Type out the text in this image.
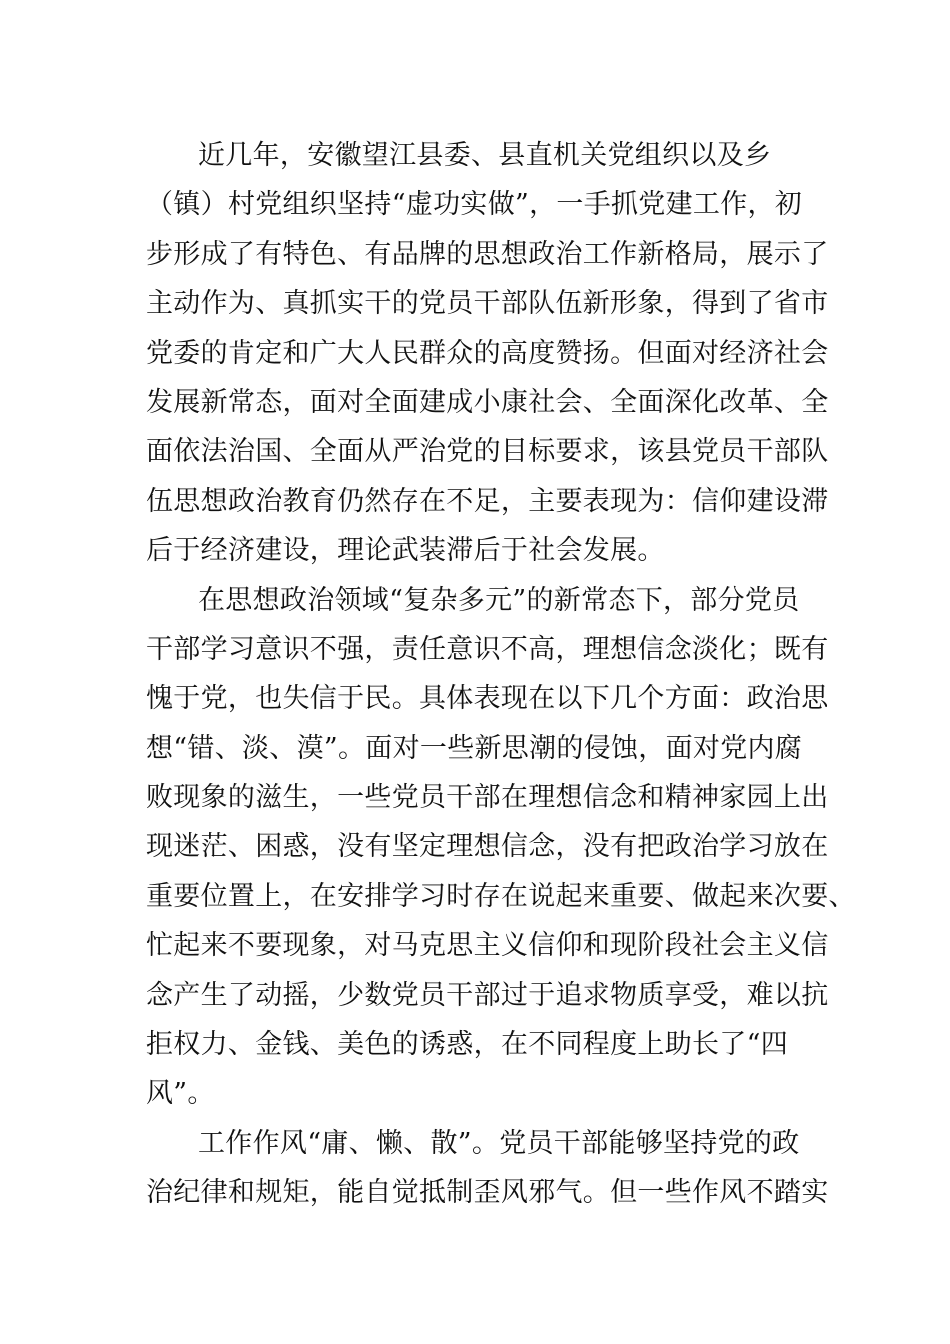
近几年，安徽望江县委、县直机关党组织以及乡
（镇）村党组织坚持“虚功实做”，一手抓党建工作，初
步形成了有特色、有品牌的思想政治工作新格局，展示了
主动作为、真抓实干的党员干部队伍新形象，得到了省市
党委的肯定和广大人民群众的高度赞扬。但面对经济社会
发展新常态，面对全面建成小康社会、全面深化改革、全
面依法治国、全面从严治党的目标要求，该县党员干部队
伍思想政治教育仍然存在不足，主要表现为：信仰建设滞
后于经济建设，理论武装滞后于社会发展。
在思想政治领域“复杂多元”的新常态下，部分党员
干部学习意识不强，责任意识不高，理想信念淡化；既有
愧于党，也失信于民。具体表现在以下几个方面：政治思
想“错、淡、漠”。面对一些新思潮的侵蚀，面对党内腐
败现象的滋生，一些党员干部在理想信念和精神家园上出
现迷茫、困惑，没有坚定理想信念，没有把政治学习放在
重要位置上，在安排学习时存在说起来重要、做起来次要、
忙起来不要现象，对马克思主义信仰和现阶段社会主义信
念产生了动摇，少数党员干部过于追求物质享受，难以抗
拒权力、金钱、美色的诱惑，在不同程度上助长了“四
风”。
工作作风“庸、懒、散”。党员干部能够坚持党的政
治纪律和规矩，能自觉抵制歪风邪气。但一些作风不踏实
